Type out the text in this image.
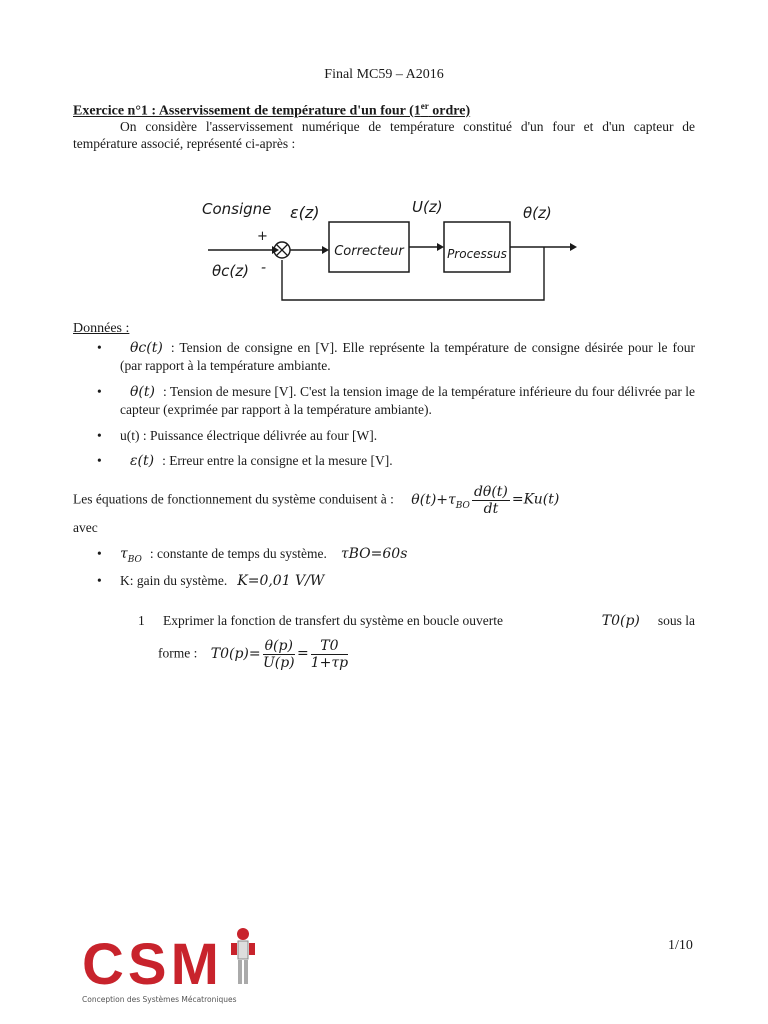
Final MC59 – A2016
Exercice n°1 : Asservissement de température d'un four (1er ordre)
On considère l'asservissement numérique de température constitué d'un four et d'un capteur de température associé, représenté ci-après :
Consigne ε(z)	U(z)	θ(z)
+
-
θc(z)
Correcteur	Processus
Données :
•	θc(t) : Tension de consigne en [V]. Elle représente la température de consigne désirée pour le four (par rapport à la température ambiante.
•	θ(t) : Tension de mesure [V]. C'est la tension image de la température inférieure du four délivrée par le capteur (exprimée par rapport à la température ambiante).
• u(t) : Puissance électrique délivrée au four [W].
•	ε(t) : Erreur entre la consigne et la mesure [V].
Les équations de fonctionnement du système conduisent à : $\theta(t)+\tau_{BO} \frac{d\theta(t)}{dt} =Ku(t)$
avec
• $\tau_{BO}$ : constante de temps du système. τBO=60s
• K: gain du système. K=0,01 V/W
1	Exprimer la fonction de transfert du système en boucle ouverte	T0(p) sous la
forme : $T0(p)= \frac{\theta(p)}{U(p)} = \frac{T0}{1+\tau p}$
1/10
CSM
Conception des Systèmes Mécatroniques
